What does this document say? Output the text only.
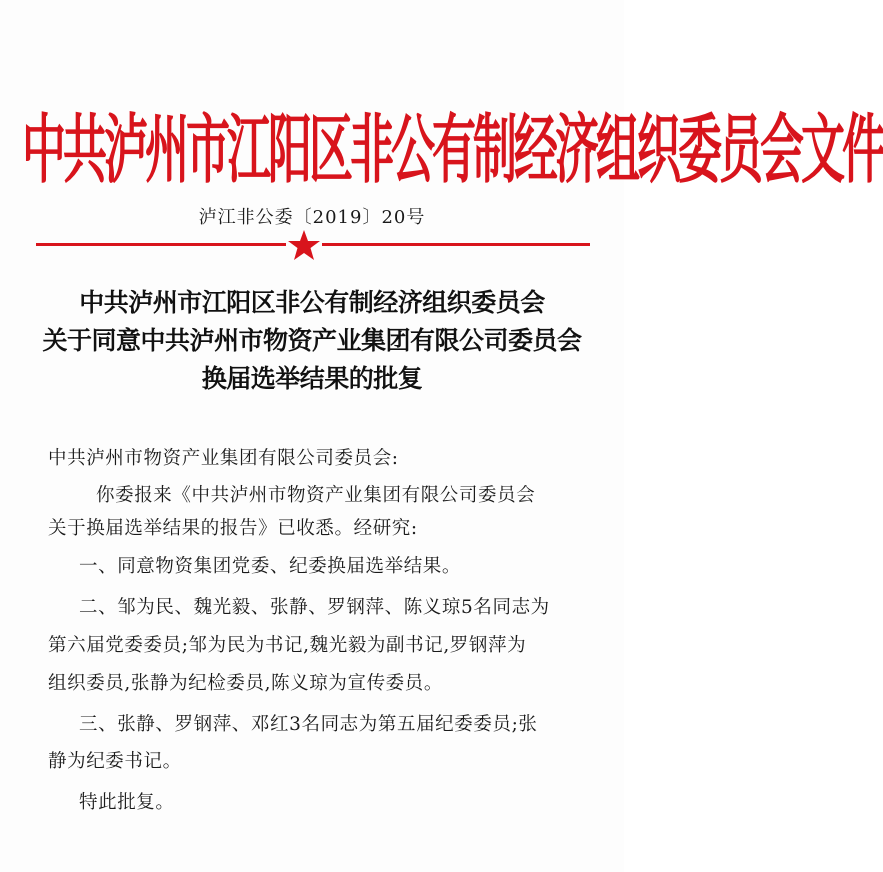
中共泸州市江阳区非公有制经济组织委员会文件
泸江非公委〔2019〕20号
中共泸州市江阳区非公有制经济组织委员会
关于同意中共泸州市物资产业集团有限公司委员会
换届选举结果的批复
中共泸州市物资产业集团有限公司委员会:
你委报来《中共泸州市物资产业集团有限公司委员会
关于换届选举结果的报告》已收悉。经研究:
一、同意物资集团党委、纪委换届选举结果。
二、邹为民、魏光毅、张静、罗钢萍、陈义琼5名同志为
第六届党委委员;邹为民为书记,魏光毅为副书记,罗钢萍为
组织委员,张静为纪检委员,陈义琼为宣传委员。
三、张静、罗钢萍、邓红3名同志为第五届纪委委员;张
静为纪委书记。
特此批复。
